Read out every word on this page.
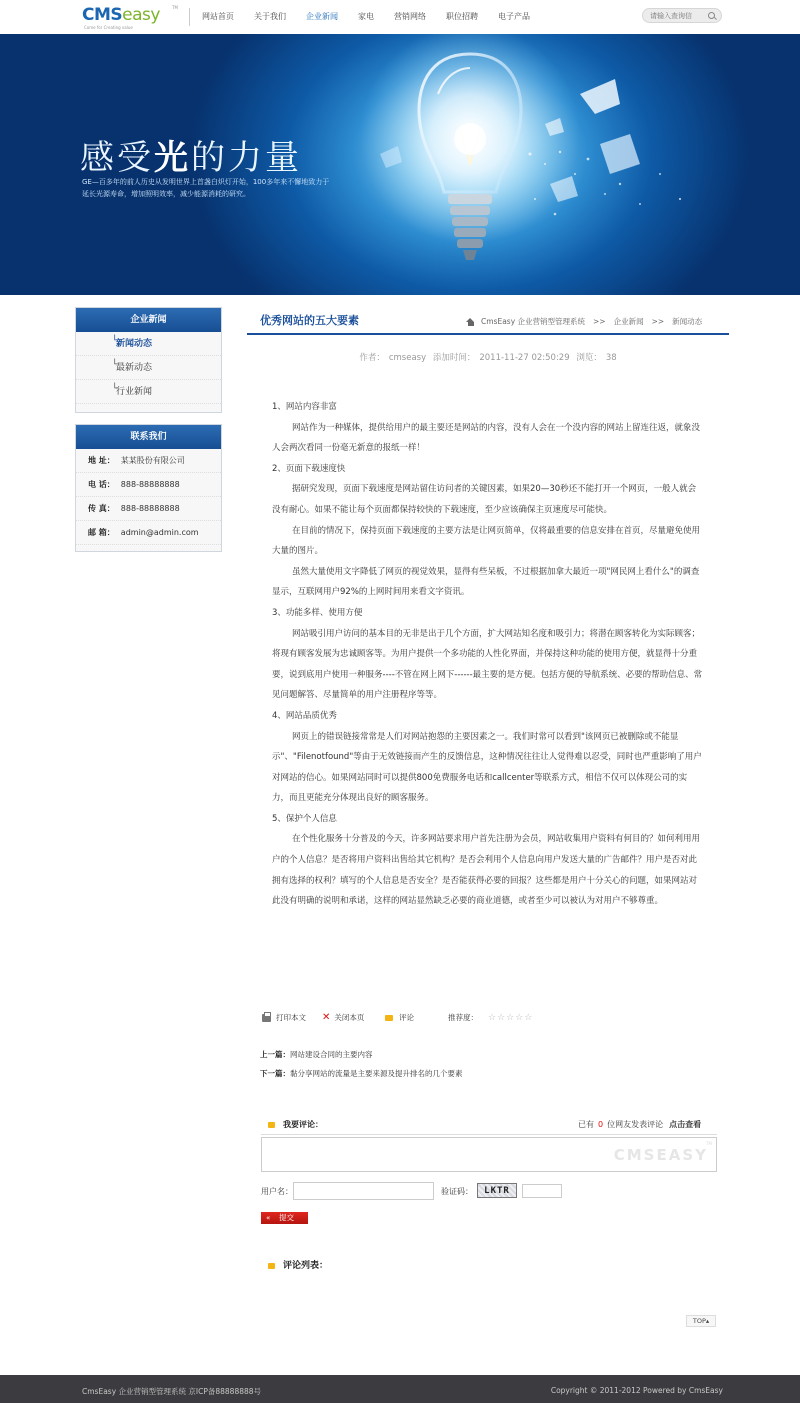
CMSeasy	TM
Come for Creating value
网站首页	关于我们	企业新闻	家电	营销网络	职位招聘	电子产品
请输入查询信
感受光的力量
GE—百多年的前人历史从发明世界上首盏白炽灯开始，100多年来不懈地致力于延长光源寿命，增加照明效率，减少能源消耗的研究。
企业新闻
└
新闻动态
└
最新动态
└
行业新闻
联系我们
地 址： 某某股份有限公司
电 话： 888-88888888
传 真： 888-88888888
邮 箱： admin@admin.com
优秀网站的五大要素	CmsEasy 企业营销型管理系统 >> 企业新闻 >> 新闻动态
作者： cmseasy 添加时间： 2011-11-27 02:50:29 浏览： 38

1、网站内容非富

网站作为一种媒体，提供给用户的最主要还是网站的内容，没有人会在一个没内容的网站上留连往返，就象没人会两次看同一份毫无新意的报纸一样！

2、页面下载速度快

据研究发现，页面下载速度是网站留住访问者的关键因素，如果20—30秒还不能打开一个网页，一般人就会没有耐心。如果不能让每个页面都保持较快的下载速度，至少应该确保主页速度尽可能快。

在目前的情况下，保持页面下载速度的主要方法是让网页简单，仅将最重要的信息安排在首页，尽量避免使用大量的图片。

虽然大量使用文字降低了网页的视觉效果，显得有些呆板，不过根据加拿大最近一项"网民网上看什么"的调查显示，互联网用户92%的上网时间用来看文字资讯。

3、功能多样、使用方便

网站吸引用户访问的基本目的无非是出于几个方面，扩大网站知名度和吸引力；将潜在顾客转化为实际顾客；将现有顾客发展为忠诚顾客等。为用户提供一个多功能的人性化界面，并保持这种功能的使用方便，就显得十分重要，说到底用户使用一种服务----不管在网上网下------最主要的是方便。包括方便的导航系统、必要的帮助信息、常见问题解答、尽量简单的用户注册程序等等。

4、网站品质优秀

网页上的错误链接常常是人们对网站抱怨的主要因素之一。我们时常可以看到"该网页已被删除或不能显示"、"Filenotfound"等由于无效链接而产生的反馈信息，这种情况往往让人觉得难以忍受，同时也严重影响了用户对网站的信心。如果网站同时可以提供800免费服务电话和callcenter等联系方式，相信不仅可以体现公司的实力，而且更能充分体现出良好的顾客服务。

5、保护个人信息

在个性化服务十分普及的今天，许多网站要求用户首先注册为会员，网站收集用户资料有何目的？如何利用用户的个人信息？是否将用户资料出售给其它机构？是否会利用个人信息向用户发送大量的广告邮件？用户是否对此拥有选择的权利？填写的个人信息是否安全？是否能获得必要的回报？这些都是用户十分关心的问题，如果网站对此没有明确的说明和承诺，这样的网站显然缺乏必要的商业道德，或者至少可以被认为对用户不够尊重。

打印本文 ✕ 关闭本页	评论	推荐度： ☆☆☆☆☆
上一篇：网站建设合同的主要内容
下一篇：黏分享网站的流量是主要来源及提升排名的几个要素
我要评论：	已有 0 位网友发表评论 点击查看
CMSEASY
TM
用户名：	验证码：	LKTR
« 提交
评论列表：
TOP▴
CmsEasy 企业营销型管理系统 京ICP备88888888号	Copyright © 2011-2012 Powered by CmsEasy
